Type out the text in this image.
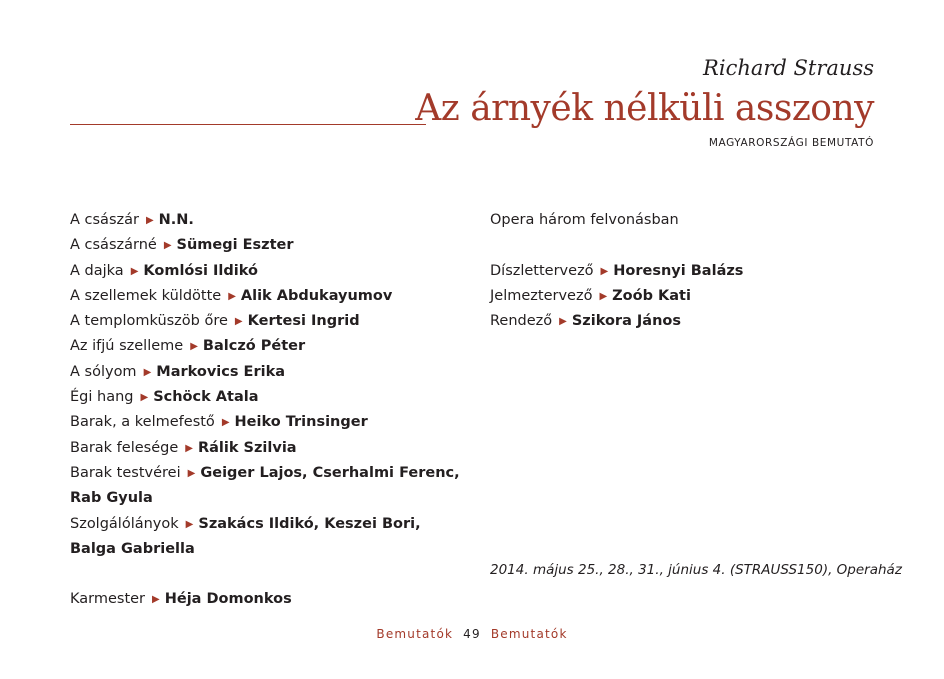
Richard Strauss
Az árnyék nélküli asszony
MAGYARORSZÁGI BEMUTATÓ
A császár ▶ N.N.
A császárné ▶ Sümegi Eszter
A dajka ▶ Komlósi Ildikó
A szellemek küldötte ▶ Alik Abdukayumov
A templomküszöb őre ▶ Kertesi Ingrid
Az ifjú szelleme ▶ Balczó Péter
A sólyom ▶ Markovics Erika
Égi hang ▶ Schöck Atala
Barak, a kelmefestő ▶ Heiko Trinsinger
Barak felesége ▶ Rálik Szilvia
Barak testvérei ▶ Geiger Lajos, Cserhalmi Ferenc,
Rab Gyula
Szolgálólányok ▶ Szakács Ildikó, Keszei Bori,
Balga Gabriella
Karmester ▶ Héja Domonkos
Opera három felvonásban
Díszlettervező ▶ Horesnyi Balázs
Jelmeztervező ▶ Zoób Kati
Rendező ▶ Szikora János
2014. május 25., 28., 31., június 4. (STRAUSS150), Operaház
Bemutatók 49 Bemutatók
